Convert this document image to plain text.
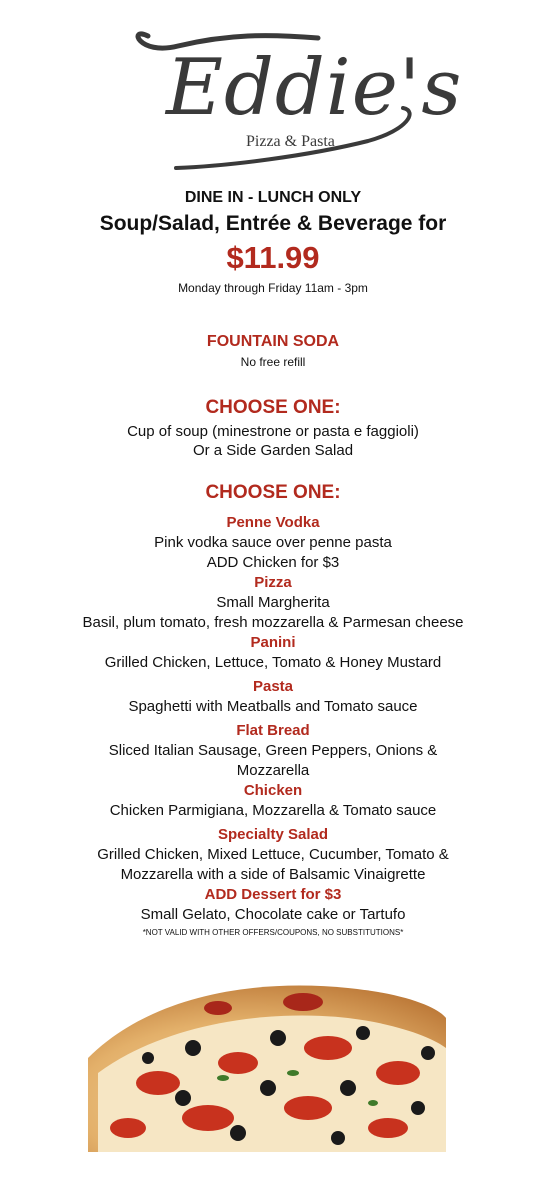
Eddie's
Pizza & Pasta
DINE IN - LUNCH ONLY
Soup/Salad, Entrée & Beverage for
$11.99
Monday through Friday 11am - 3pm
FOUNTAIN SODA
No free refill
CHOOSE ONE:
Cup of soup (minestrone or pasta e faggioli)
Or a Side Garden Salad
CHOOSE ONE:
Penne Vodka
Pink vodka sauce over penne pasta
ADD Chicken for $3
Pizza
Small Margherita
Basil, plum tomato, fresh mozzarella & Parmesan cheese
Panini
Grilled Chicken, Lettuce, Tomato & Honey Mustard
Pasta
Spaghetti with Meatballs and Tomato sauce
Flat Bread
Sliced Italian Sausage, Green Peppers, Onions &
Mozzarella
Chicken
Chicken Parmigiana, Mozzarella & Tomato sauce
Specialty Salad
Grilled Chicken, Mixed Lettuce, Cucumber, Tomato &
Mozzarella with a side of Balsamic Vinaigrette
ADD Dessert for $3
Small Gelato, Chocolate cake or Tartufo
*NOT VALID WITH OTHER OFFERS/COUPONS, NO SUBSTITUTIONS*
